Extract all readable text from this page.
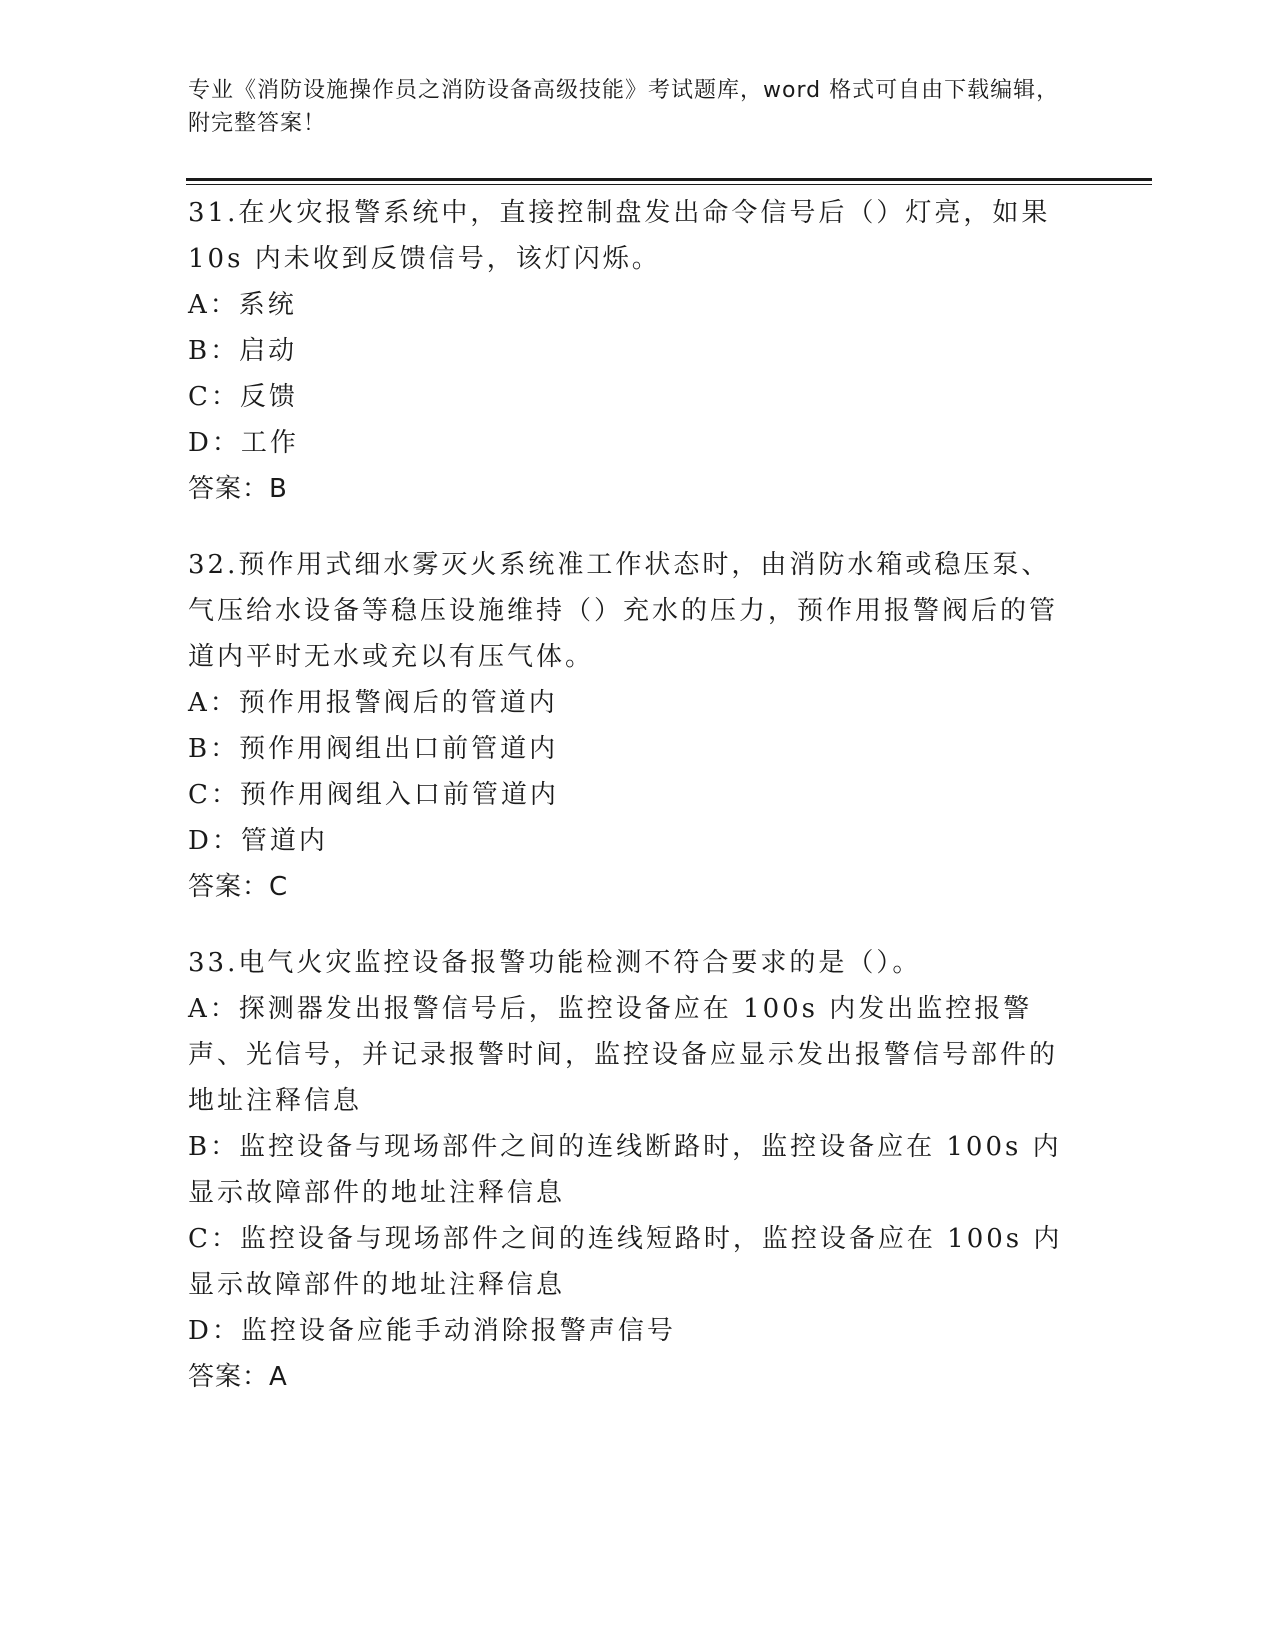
专业《消防设施操作员之消防设备高级技能》考试题库，word 格式可自由下载编辑，附完整答案！
31.在火灾报警系统中，直接控制盘发出命令信号后（）灯亮，如果10s 内未收到反馈信号，该灯闪烁。
A：系统
B：启动
C：反馈
D：工作
答案：B
32.预作用式细水雾灭火系统准工作状态时，由消防水箱或稳压泵、气压给水设备等稳压设施维持（）充水的压力，预作用报警阀后的管道内平时无水或充以有压气体。
A：预作用报警阀后的管道内
B：预作用阀组出口前管道内
C：预作用阀组入口前管道内
D：管道内
答案：C
33.电气火灾监控设备报警功能检测不符合要求的是（）。
A：探测器发出报警信号后，监控设备应在 100s 内发出监控报警声、光信号，并记录报警时间，监控设备应显示发出报警信号部件的地址注释信息
B：监控设备与现场部件之间的连线断路时，监控设备应在 100s 内显示故障部件的地址注释信息
C：监控设备与现场部件之间的连线短路时，监控设备应在 100s 内显示故障部件的地址注释信息
D：监控设备应能手动消除报警声信号
答案：A
